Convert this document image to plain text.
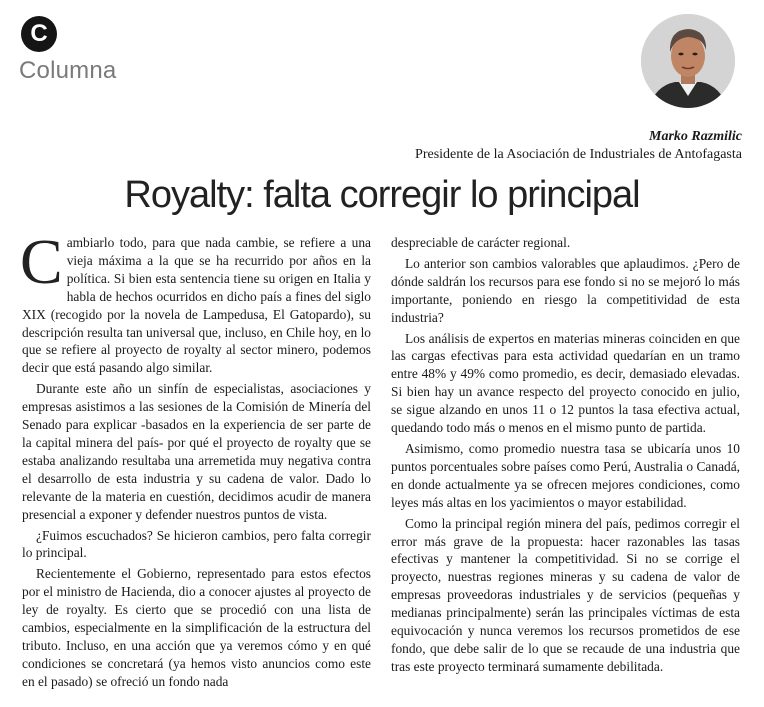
C
Columna
Marko Razmilic
Presidente de la Asociación de Industriales de Antofagasta
Royalty: falta corregir lo principal

Cambiarlo todo, para que nada cambie, se refiere a una vieja máxima a la que se ha recurrido por años en la política. Si bien esta sentencia tiene su origen en Italia y habla de hechos ocurridos en dicho país a fines del siglo XIX (recogido por la novela de Lampedusa, El Gatopardo), su descripción resulta tan universal que, incluso, en Chile hoy, en lo que se refiere al proyecto de royalty al sector minero, podemos decir que está pasando algo similar.

Durante este año un sinfín de especialistas, asociaciones y empresas asistimos a las sesiones de la Comisión de Minería del Senado para explicar -basados en la experiencia de ser parte de la capital minera del país- por qué el proyecto de royalty que se estaba analizando resultaba una arremetida muy negativa contra el desarrollo de esta industria y su cadena de valor. Dado lo relevante de la materia en cuestión, decidimos acudir de manera presencial a exponer y defender nuestros puntos de vista.

¿Fuimos escuchados? Se hicieron cambios, pero falta corregir lo principal.

Recientemente el Gobierno, representado para estos efectos por el ministro de Hacienda, dio a conocer ajustes al proyecto de ley de royalty. Es cierto que se procedió con una lista de cambios, especialmente en la simplificación de la estructura del tributo. Incluso, en una acción que ya veremos cómo y en qué condiciones se concretará (ya hemos visto anuncios como este en el pasado) se ofreció un fondo nada

despreciable de carácter regional.

Lo anterior son cambios valorables que aplaudimos. ¿Pero de dónde saldrán los recursos para ese fondo si no se mejoró lo más importante, poniendo en riesgo la competitividad de esta industria?

Los análisis de expertos en materias mineras coinciden en que las cargas efectivas para esta actividad quedarían en un tramo entre 48% y 49% como promedio, es decir, demasiado elevadas. Si bien hay un avance respecto del proyecto conocido en julio, se sigue alzando en unos 11 o 12 puntos la tasa efectiva actual, quedando todo más o menos en el mismo punto de partida.

Asimismo, como promedio nuestra tasa se ubicaría unos 10 puntos porcentuales sobre países como Perú, Australia o Canadá, en donde actualmente ya se ofrecen mejores condiciones, como leyes más altas en los yacimientos o mayor estabilidad.

Como la principal región minera del país, pedimos corregir el error más grave de la propuesta: hacer razonables las tasas efectivas y mantener la competitividad. Si no se corrige el proyecto, nuestras regiones mineras y su cadena de valor de empresas proveedoras industriales y de servicios (pequeñas y medianas principalmente) serán las principales víctimas de esta equivocación y nunca veremos los recursos prometidos de ese fondo, que debe salir de lo que se recaude de una industria que tras este proyecto terminará sumamente debilitada.
